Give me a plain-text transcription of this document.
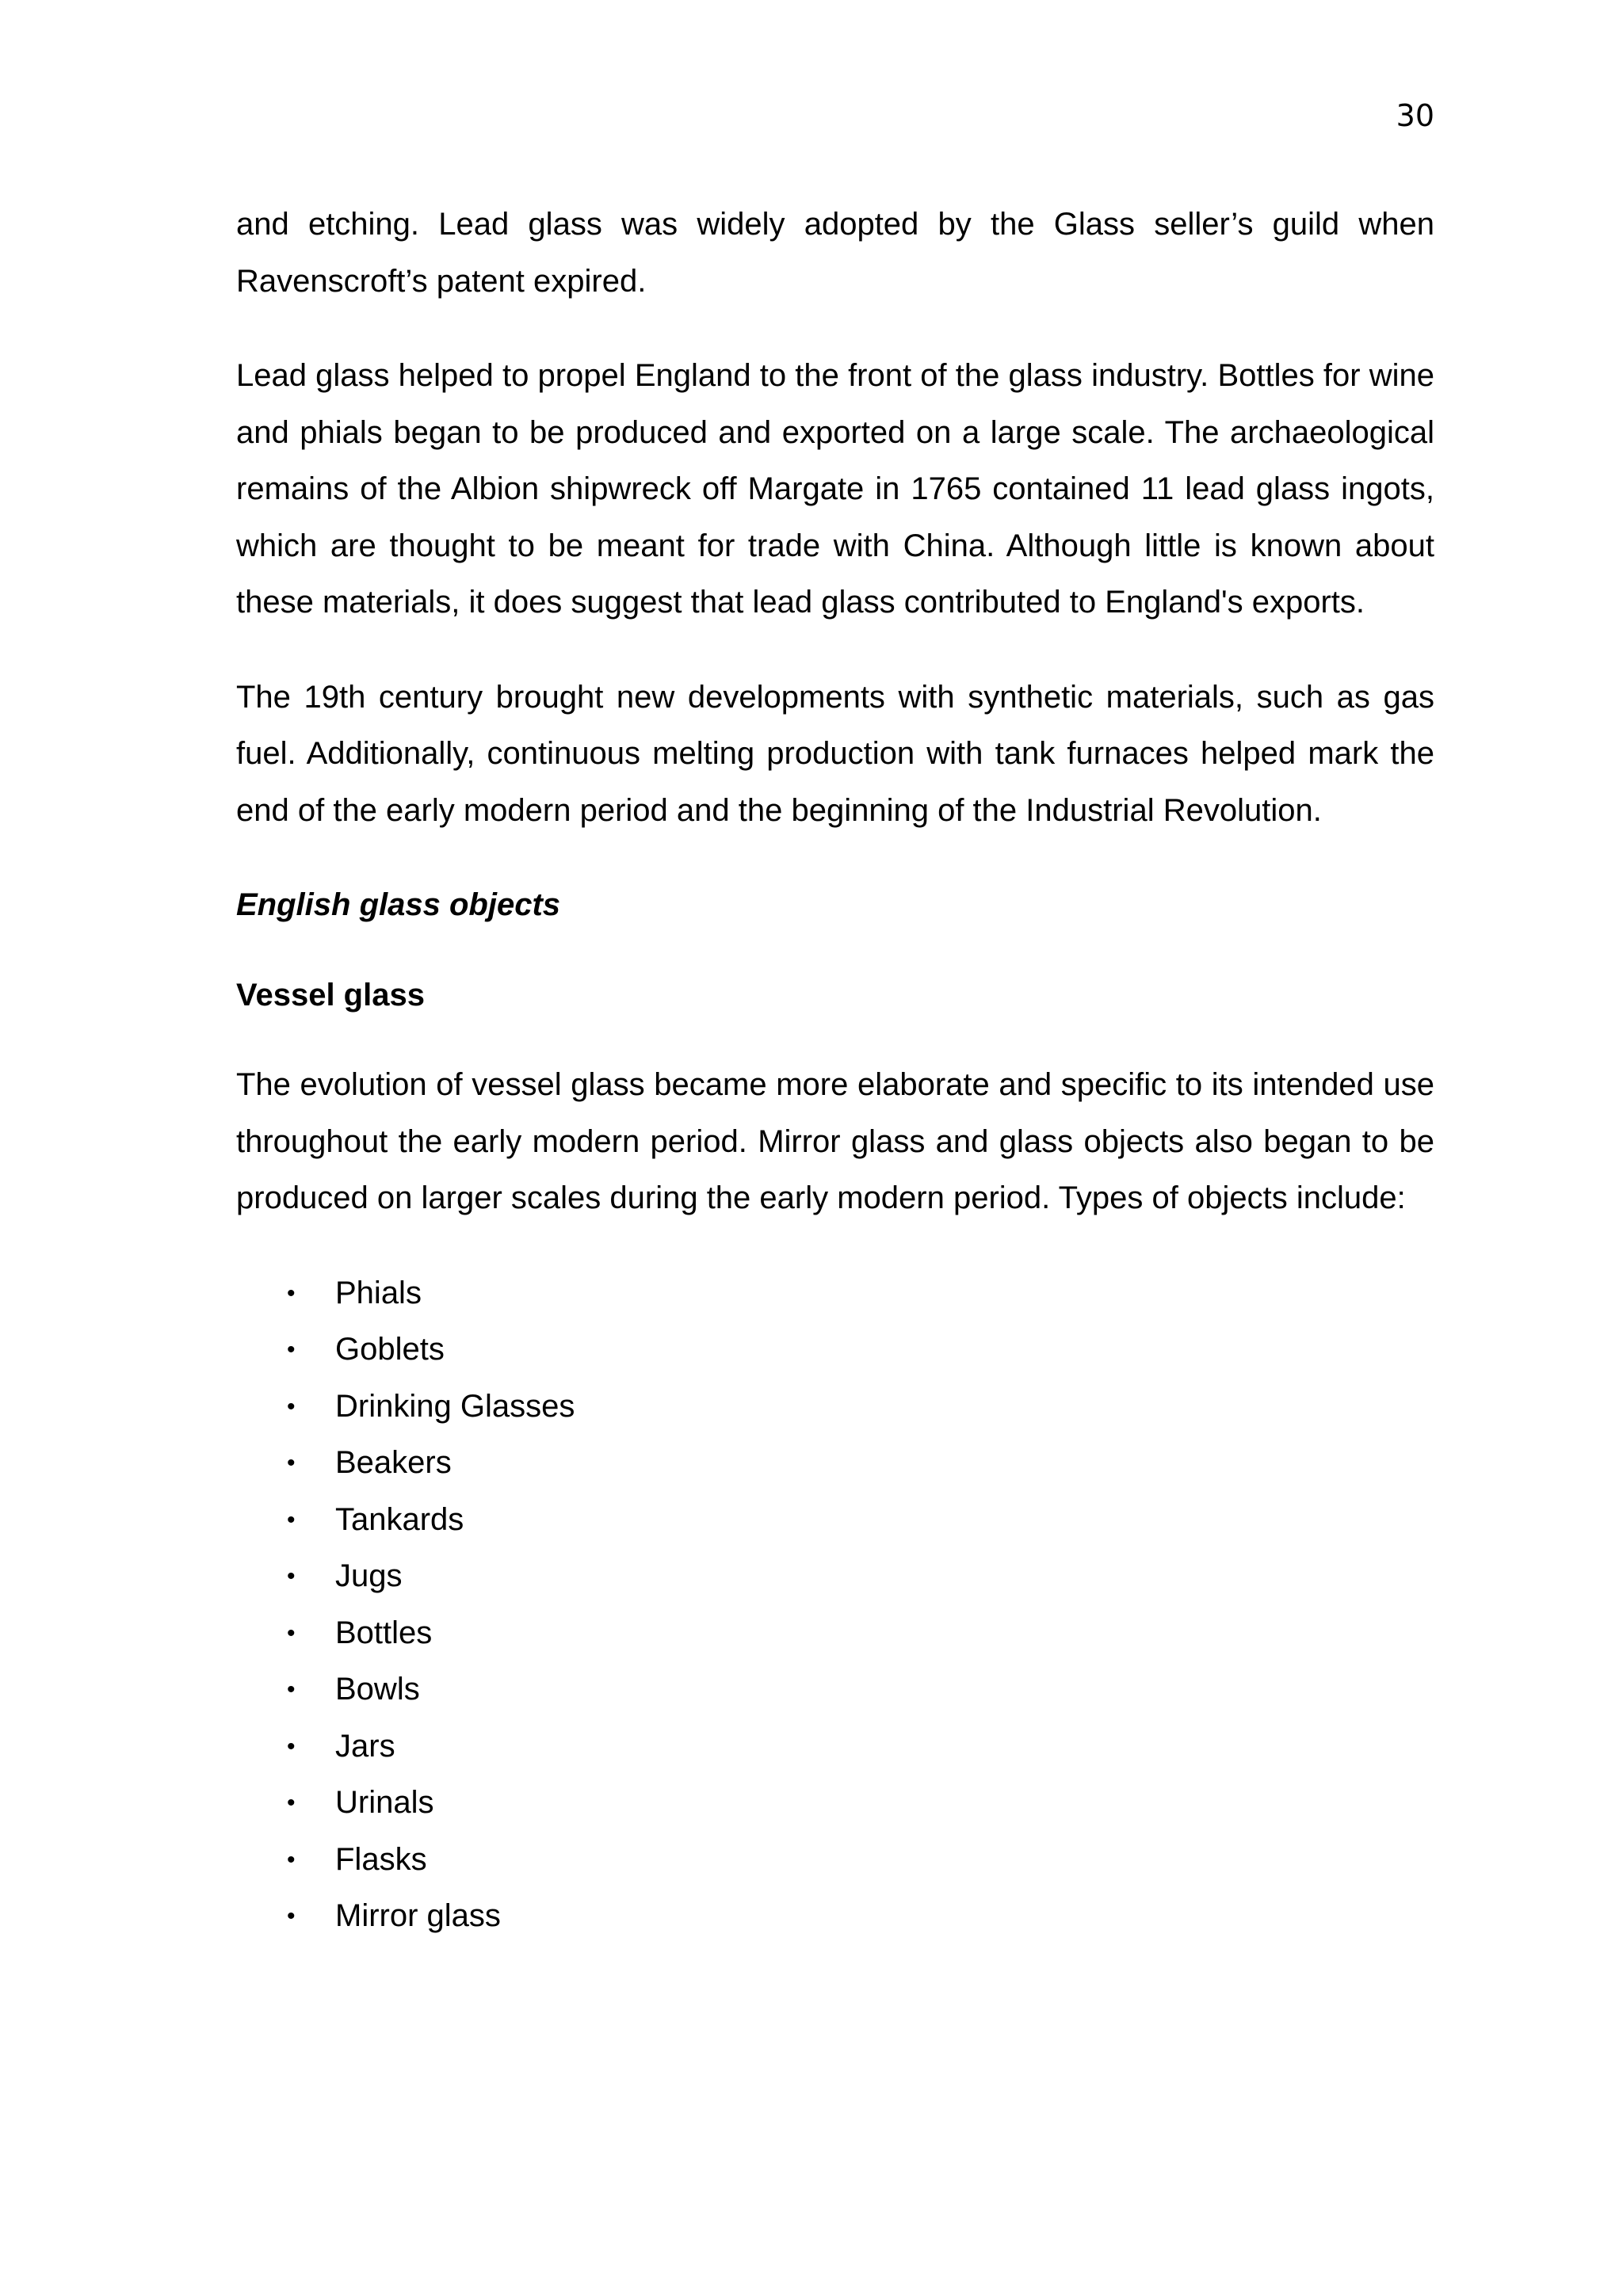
30

and etching. Lead glass was widely adopted by the Glass seller’s guild when Ravenscroft’s patent expired.

Lead glass helped to propel England to the front of the glass industry. Bottles for wine and phials began to be produced and exported on a large scale. The archaeological remains of the Albion shipwreck off Margate in 1765 contained 11 lead glass ingots, which are thought to be meant for trade with China. Although little is known about these materials, it does suggest that lead glass contributed to England's exports.

The 19th century brought new developments with synthetic materials, such as gas fuel. Additionally, continuous melting production with tank furnaces helped mark the end of the early modern period and the beginning of the Industrial Revolution.

English glass objects
Vessel glass

The evolution of vessel glass became more elaborate and specific to its intended use throughout the early modern period. Mirror glass and glass objects also began to be produced on larger scales during the early modern period. Types of objects include:

• Phials
• Goblets
• Drinking Glasses
• Beakers
• Tankards
• Jugs
• Bottles
• Bowls
• Jars
• Urinals
• Flasks
• Mirror glass
